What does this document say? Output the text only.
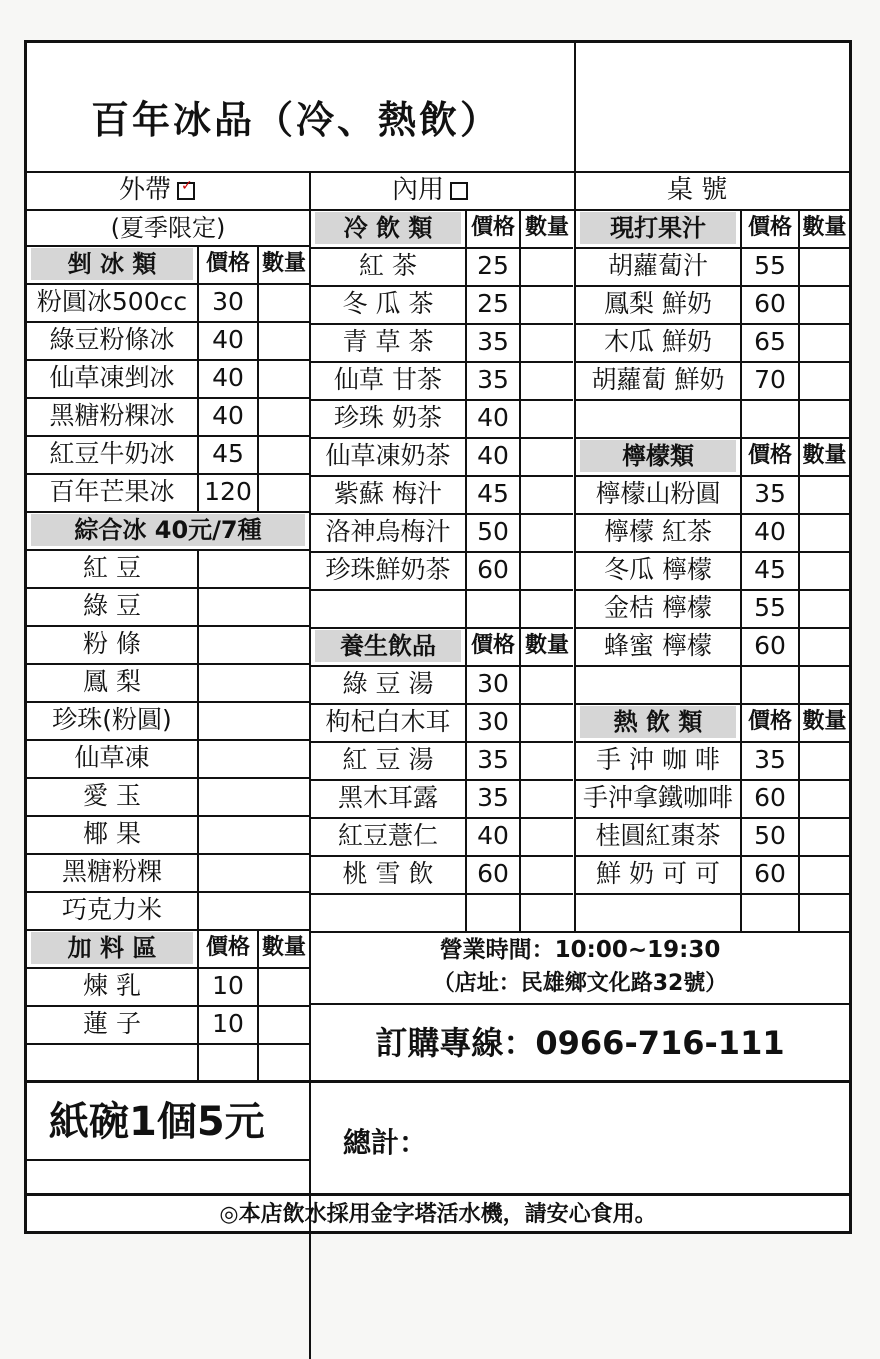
百年冰品（冷、熱飲）
外帶 ✓	內用	桌 號
(夏季限定)
剉 冰 類	價格 數量
粉圓冰500cc 30
綠豆粉條冰	40
仙草凍剉冰	40
黑糖粉粿冰	40
紅豆牛奶冰	45
百年芒果冰	120
綜合冰 40元/7種
紅 豆
綠 豆
粉 條
鳳 梨
珍珠(粉圓)
仙草凍
愛 玉
椰 果
黑糖粉粿
巧克力米
加 料 區	價格 數量
煉 乳	10
蓮 子	10
冷 飲 類	價格 數量
紅 茶	25
冬 瓜 茶	25
青 草 茶	35
仙草 甘茶	35
珍珠 奶茶	40
仙草凍奶茶	40
紫蘇 梅汁	45
洛神烏梅汁	50
珍珠鮮奶茶	60
養生飲品	價格 數量
綠 豆 湯	30
枸杞白木耳	30
紅 豆 湯	35
黑木耳露	35
紅豆薏仁	40
桃 雪 飲	60
現打果汁	價格 數量
胡蘿蔔汁	55
鳳梨 鮮奶	60
木瓜 鮮奶	65
胡蘿蔔 鮮奶	70
檸檬類	價格 數量
檸檬山粉圓	35
檸檬 紅茶	40
冬瓜 檸檬	45
金桔 檸檬	55
蜂蜜 檸檬	60
熱 飲 類	價格 數量
手 沖 咖 啡	35
手沖拿鐵咖啡 60
桂圓紅棗茶	50
鮮 奶 可 可	60
營業時間：10:00~19:30
（店址：民雄鄉文化路32號）
訂購專線：0966-716-111
紙碗1個5元	總計：
◎本店飲水採用金字塔活水機，請安心食用。
